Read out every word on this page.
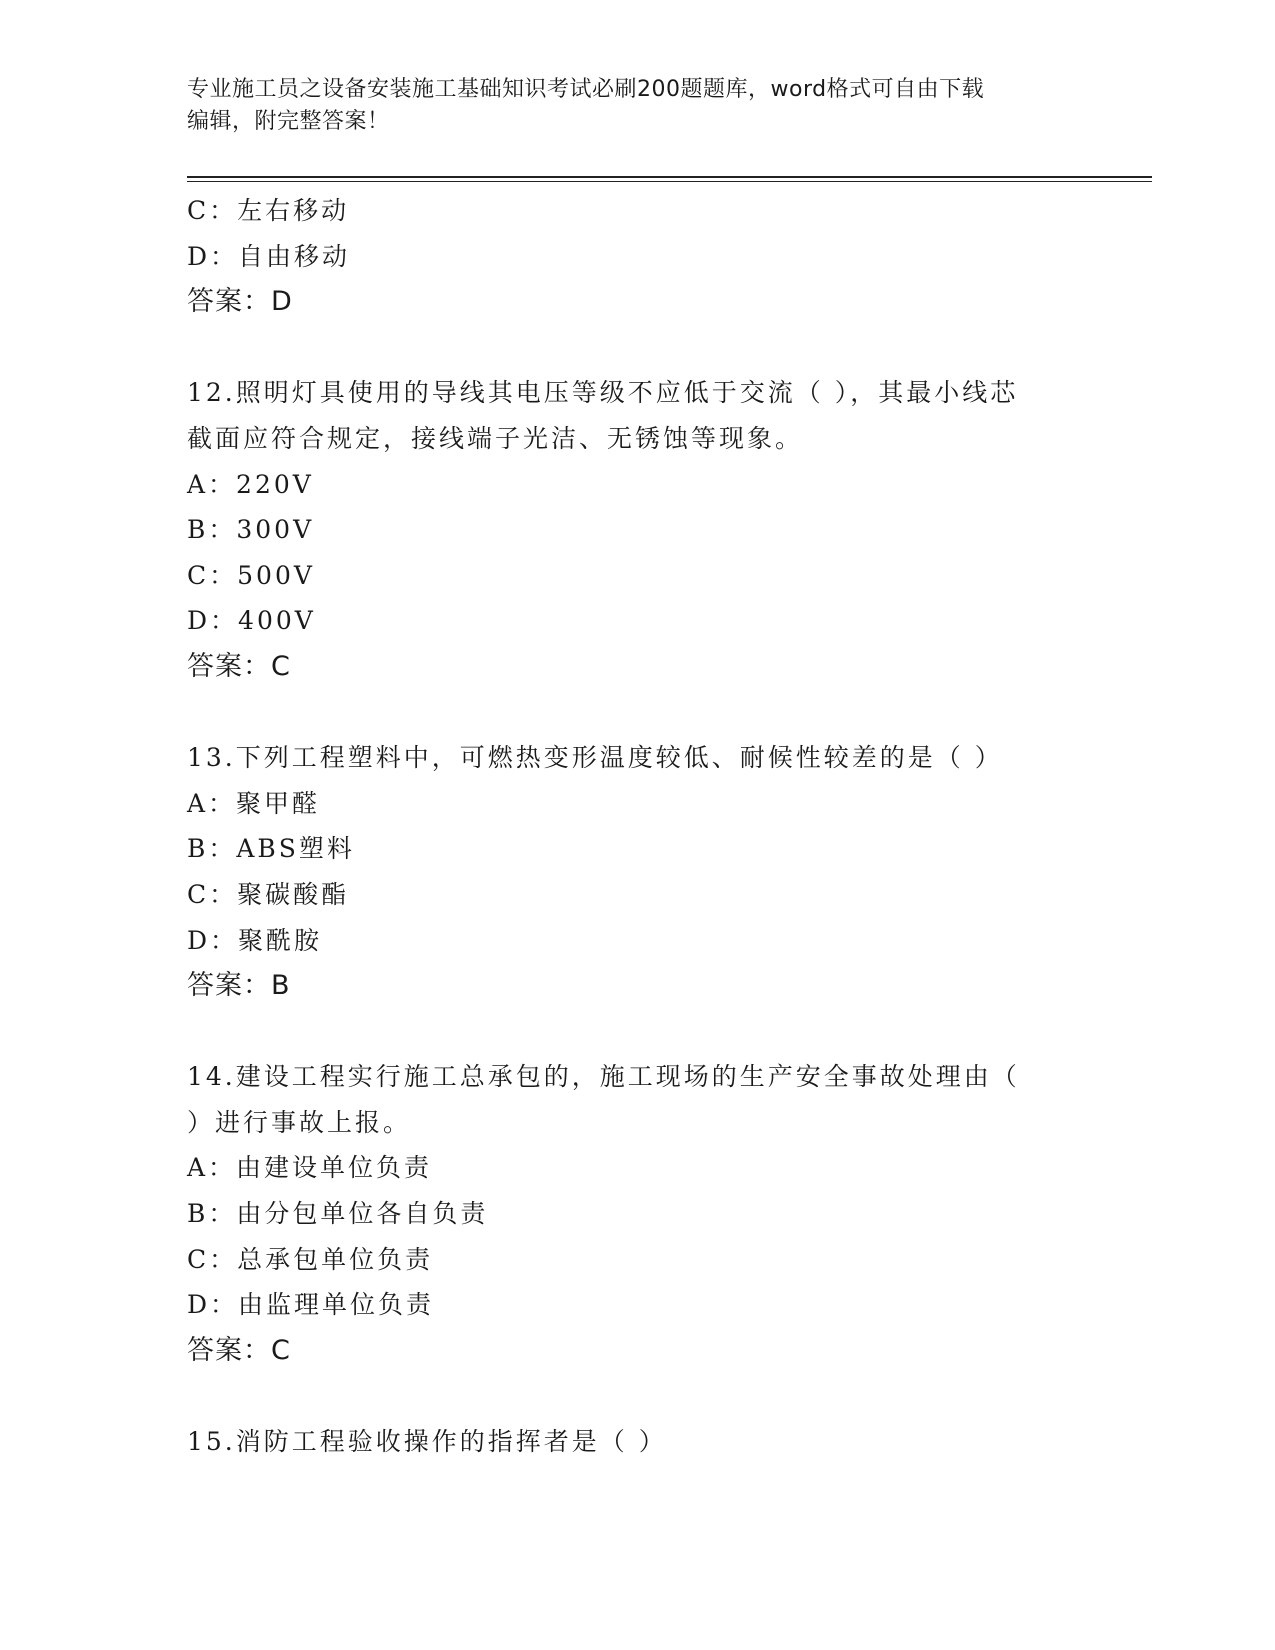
专业施工员之设备安装施工基础知识考试必刷200题题库，word格式可自由下载
编辑，附完整答案！
C：左右移动
D：自由移动
答案：D
12.照明灯具使用的导线其电压等级不应低于交流（ ），其最小线芯
截面应符合规定，接线端子光洁、无锈蚀等现象。
A：220V
B：300V
C：500V
D：400V
答案：C
13.下列工程塑料中，可燃热变形温度较低、耐候性较差的是（ ）
A：聚甲醛
B：ABS塑料
C：聚碳酸酯
D：聚酰胺
答案：B
14.建设工程实行施工总承包的，施工现场的生产安全事故处理由（
）进行事故上报。
A：由建设单位负责
B：由分包单位各自负责
C：总承包单位负责
D：由监理单位负责
答案：C
15.消防工程验收操作的指挥者是（ ）
